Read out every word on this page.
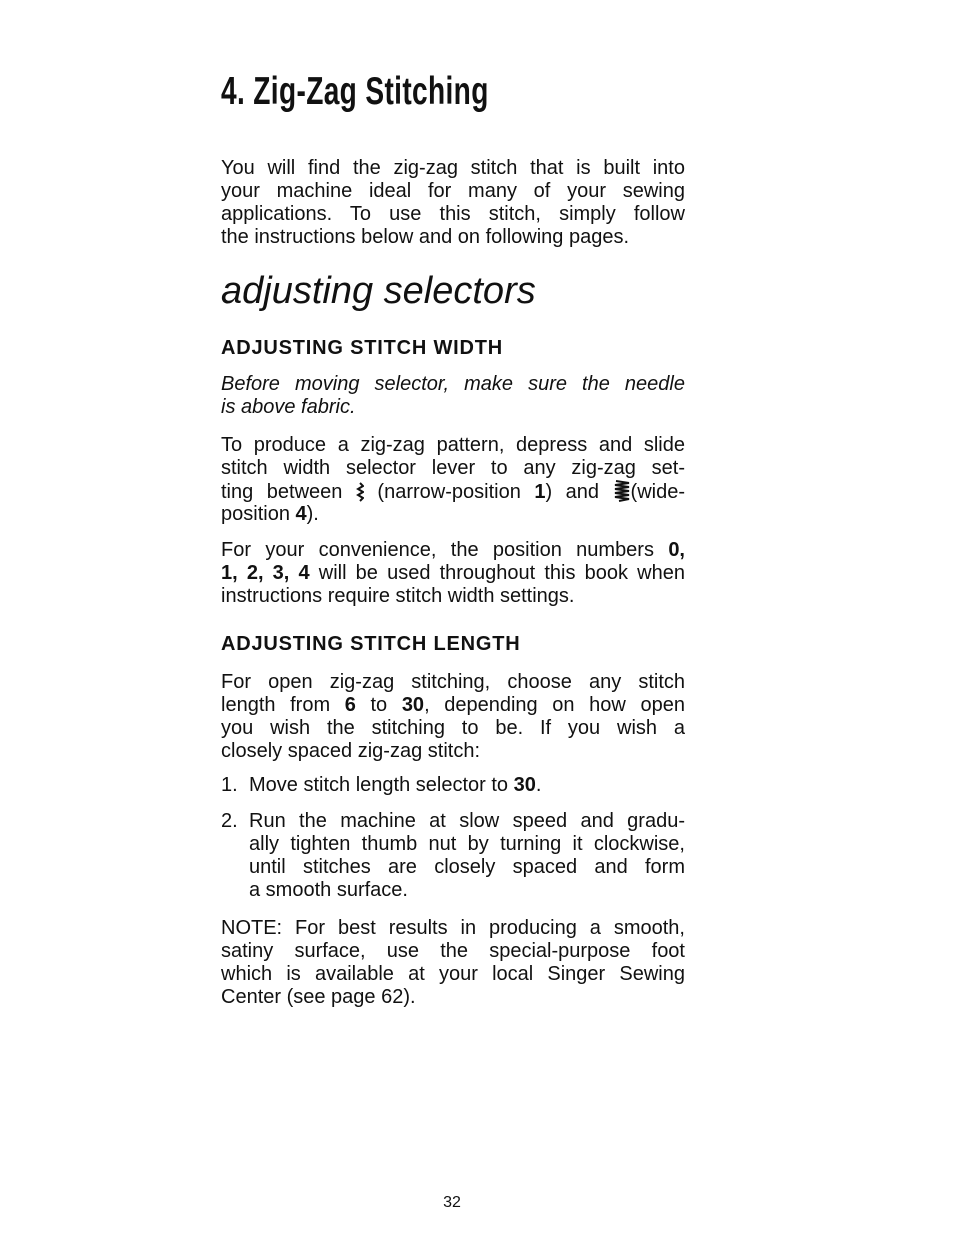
4. Zig-Zag Stitching
adjusting selectors
You will find the zig-zag stitch that is built into
your machine ideal for many of your sewing
applications. To use this stitch, simply follow
the instructions below and on following pages.
ADJUSTING STITCH WIDTH
Before moving selector, make sure the needle
is above fabric.
To produce a zig-zag pattern, depress and slide
stitch width selector lever to any zig-zag set-
ting between  (narrow-position 1) and (wide-
position 4).
For your convenience, the position numbers 0,
1, 2, 3, 4 will be used throughout this book when
instructions require stitch width settings.
ADJUSTING STITCH LENGTH
For open zig-zag stitching, choose any stitch
length from 6 to 30, depending on how open
you wish the stitching to be. If you wish a
closely spaced zig-zag stitch:
1. Move stitch length selector to 30.
2. Run the machine at slow speed and gradu-
ally tighten thumb nut by turning it clockwise,
until stitches are closely spaced and form
a smooth surface.
NOTE: For best results in producing a smooth,
satiny surface, use the special-purpose foot
which is available at your local Singer Sewing
Center (see page 62).
32
